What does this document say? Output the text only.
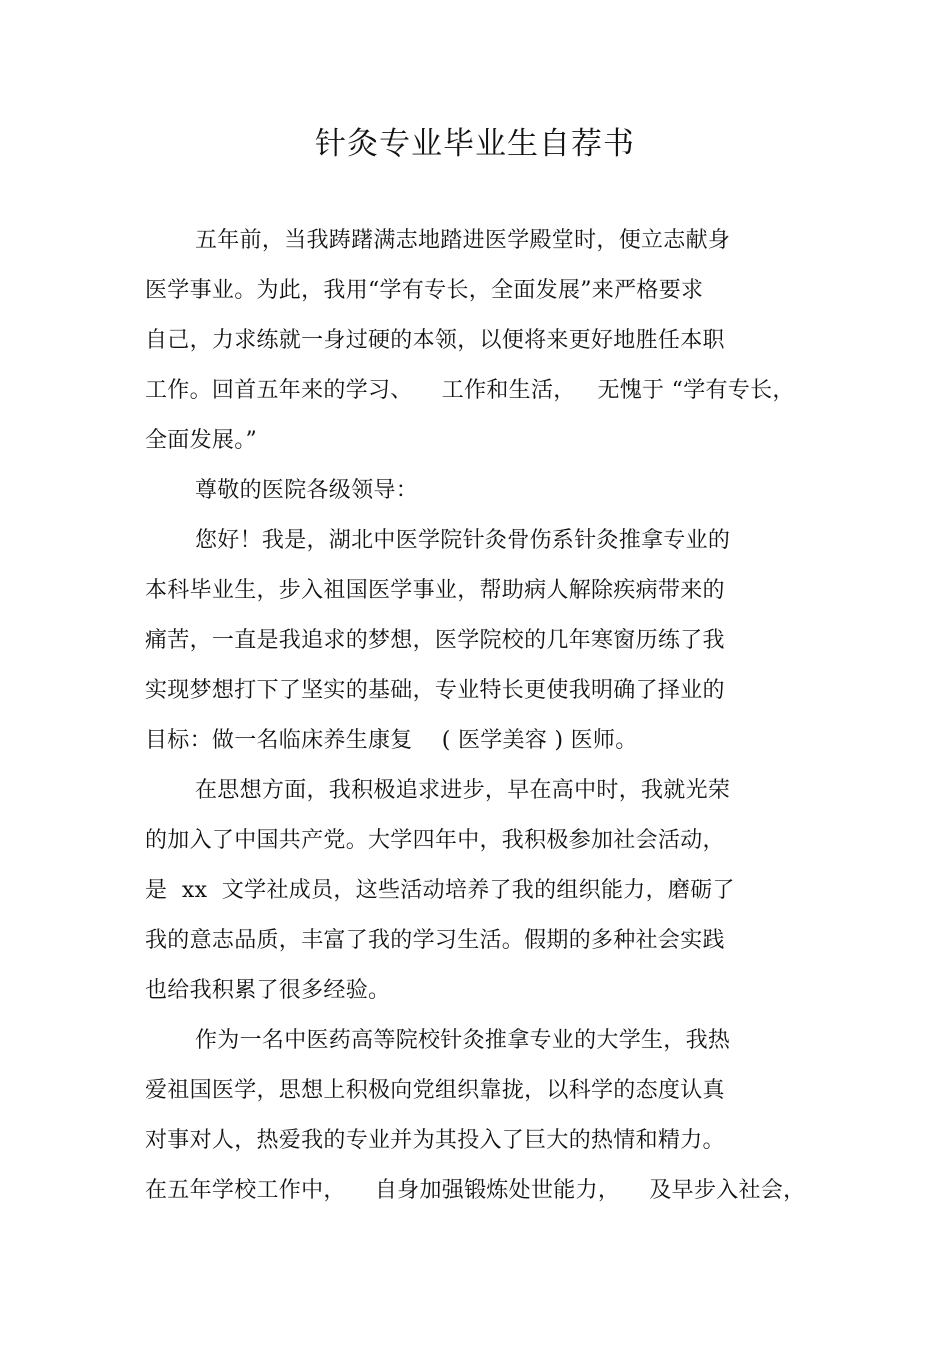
针灸专业毕业生自荐书
五年前，当我踌躇满志地踏进医学殿堂时，便立志献身
医学事业。为此，我用“学有专长，全面发展”来严格要求
自己，力求练就一身过硬的本领，以便将来更好地胜任本职
工作。回首五年来的学习、    工作和生活，   无愧于 “学有专长，
全面发展。”
尊敬的医院各级领导：
您好！我是，湖北中医学院针灸骨伤系针灸推拿专业的
本科毕业生，步入祖国医学事业，帮助病人解除疾病带来的
痛苦，一直是我追求的梦想，医学院校的几年寒窗历练了我
实现梦想打下了坚实的基础，专业特长更使我明确了择业的
目标：做一名临床养生康复    ( 医学美容 ) 医师。
在思想方面，我积极追求进步，早在高中时，我就光荣
的加入了中国共产党。大学四年中，我积极参加社会活动，
是  xx  文学社成员，这些活动培养了我的组织能力，磨砺了
我的意志品质，丰富了我的学习生活。假期的多种社会实践
也给我积累了很多经验。
作为一名中医药高等院校针灸推拿专业的大学生，我热
爱祖国医学，思想上积极向党组织靠拢，以科学的态度认真
对事对人，热爱我的专业并为其投入了巨大的热情和精力。
在五年学校工作中，    自身加强锻炼处世能力，    及早步入社会，
